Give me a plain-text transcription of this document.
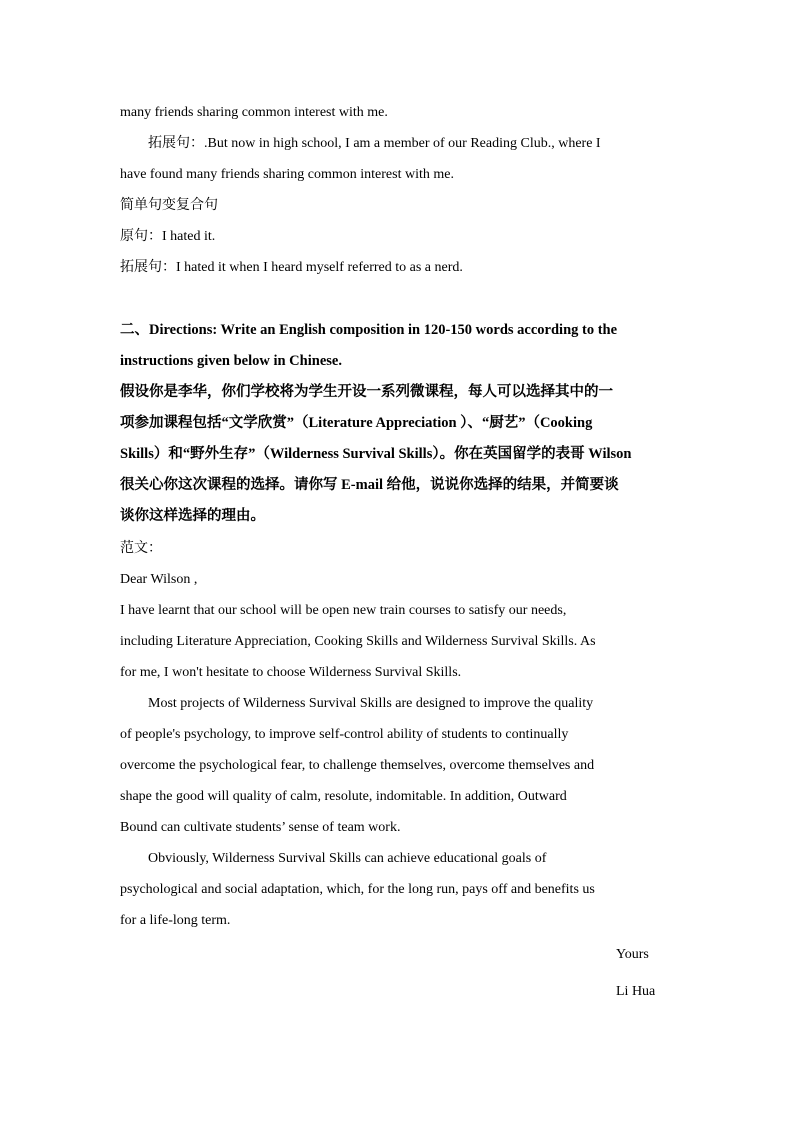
many friends sharing common interest with me.
拓展句：.But now in high school, I am a member of our Reading Club., where I
have found many friends sharing common interest with me.
简单句变复合句
原句：I hated it.
拓展句：I hated it when I heard myself referred to as a nerd.
二、Directions: Write an English composition in 120-150 words according to the
instructions given below in Chinese.
假设你是李华，你们学校将为学生开设一系列微课程，每人可以选择其中的一
项参加课程包括“文学欣赏”（Literature Appreciation ）、“厨艺”（Cooking
Skills）和“野外生存”（Wilderness Survival Skills）。你在英国留学的表哥 Wilson
很关心你这次课程的选择。请你写 E-mail 给他，说说你选择的结果，并简要谈
谈你这样选择的理由。
范文：
Dear Wilson ,
I have learnt that our school will be open new train courses to satisfy our needs,
including Literature Appreciation, Cooking Skills and Wilderness Survival Skills. As
for me, I won't hesitate to choose Wilderness Survival Skills.
Most projects of Wilderness Survival Skills are designed to improve the quality
of people's psychology, to improve self-control ability of students to continually
overcome the psychological fear, to challenge themselves, overcome themselves and
shape the good will quality of calm, resolute, indomitable. In addition, Outward
Bound can cultivate students’ sense of team work.
Obviously, Wilderness Survival Skills can achieve educational goals of
psychological and social adaptation, which, for the long run, pays off and benefits us
for a life-long term.
Yours
Li Hua
